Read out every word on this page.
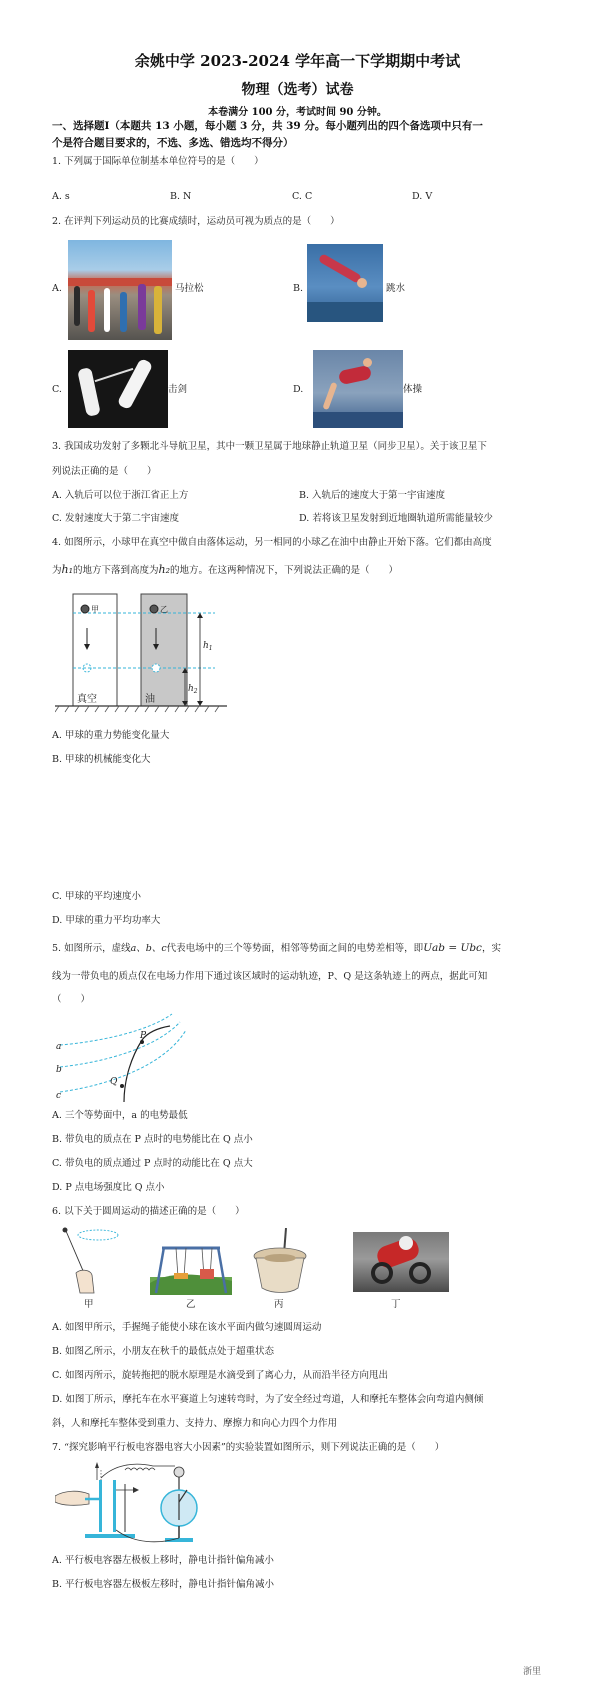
余姚中学 2023-2024 学年高一下学期期中考试
物理（选考）试卷
本卷满分 100 分，考试时间 90 分钟。
一、选择题Ⅰ（本题共 13 小题，每小题 3 分，共 39 分。每小题列出的四个备选项中只有一
个是符合题目要求的，不选、多选、错选均不得分）
1. 下列属于国际单位制基本单位符号的是（　　）
A. s	B. N	C. C	D. V
2. 在评判下列运动员的比赛成绩时，运动员可视为质点的是（　　）
A.	马拉松	B.	跳水
C.	击剑	D.	体操
3. 我国成功发射了多颗北斗导航卫星，其中一颗卫星属于地球静止轨道卫星（同步卫星）。关于该卫星下
列说法正确的是（　　）
A. 入轨后可以位于浙江省正上方	B. 入轨后的速度大于第一宇宙速度
C. 发射速度大于第二宇宙速度	D. 若将该卫星发射到近地圈轨道所需能量较少
4. 如图所示，小球甲在真空中做自由落体运动，另一相同的小球乙在油中由静止开始下落。它们都由高度
为h₁的地方下落到高度为h₂的地方。在这两种情况下，下列说法正确的是（　　）
甲	乙
$h_1$
$h_2$
真空	油
A. 甲球的重力势能变化量大
B. 甲球的机械能变化大
C. 甲球的平均速度小
D. 甲球的重力平均功率大
5. 如图所示，虚线a、b、c代表电场中的三个等势面，相邻等势面之间的电势差相等，即Uab = Ubc，实
线为一带负电的质点仅在电场力作用下通过该区域时的运动轨迹，P、Q 是这条轨迹上的两点，据此可知
（　　）
a
b
c
P
Q
A. 三个等势面中，a 的电势最低
B. 带负电的质点在 P 点时的电势能比在 Q 点小
C. 带负电的质点通过 P 点时的动能比在 Q 点大
D. P 点电场强度比 Q 点小
6. 以下关于圆周运动的描述正确的是（　　）
甲	乙	丙	丁
A. 如图甲所示，手握绳子能使小球在该水平面内做匀速圆周运动
B. 如图乙所示，小朋友在秋千的最低点处于超重状态
C. 如图丙所示，旋转拖把的脱水原理是水滴受到了离心力，从而沿半径方向甩出
D. 如图丁所示，摩托车在水平赛道上匀速转弯时，为了安全经过弯道，人和摩托车整体会向弯道内侧倾
斜，人和摩托车整体受到重力、支持力、摩擦力和向心力四个力作用
7. “探究影响平行板电容器电容大小因素”的实验装置如图所示，则下列说法正确的是（　　）
A. 平行板电容器左极板上移时，静电计指针偏角减小
B. 平行板电容器左极板左移时，静电计指针偏角减小
浙里
